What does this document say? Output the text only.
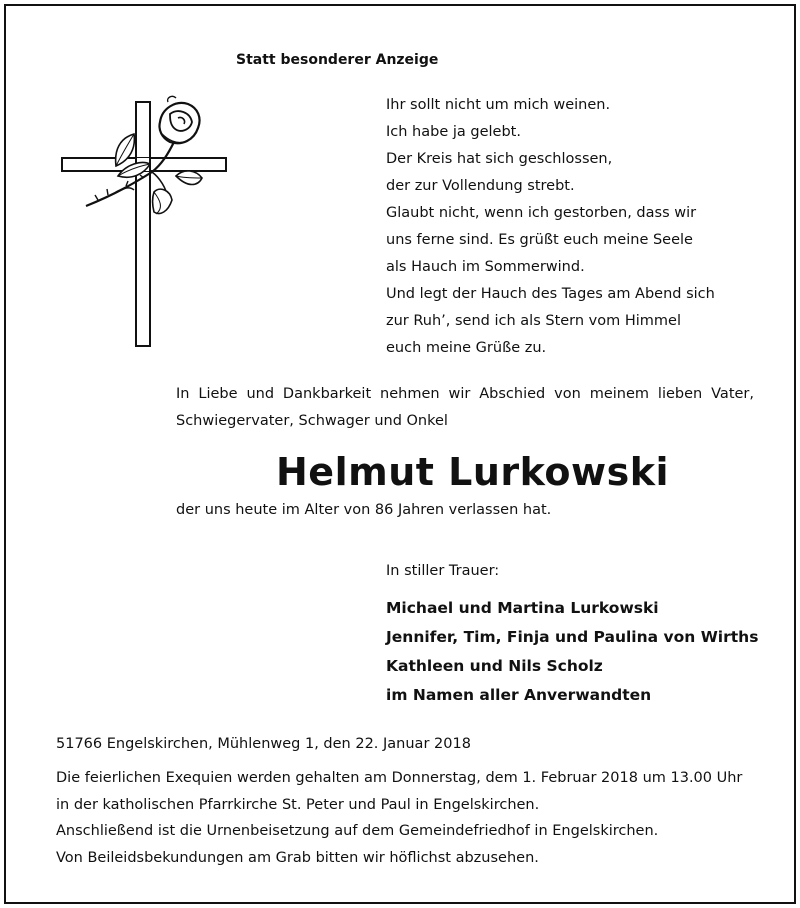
Statt besonderer Anzeige
Ihr sollt nicht um mich weinen.
Ich habe ja gelebt.
Der Kreis hat sich geschlossen,
der zur Vollendung strebt.
Glaubt nicht, wenn ich gestorben, dass wir
uns ferne sind. Es grüßt euch meine Seele
als Hauch im Sommerwind.
Und legt der Hauch des Tages am Abend sich
zur Ruh’, send ich als Stern vom Himmel
euch meine Grüße zu.
In Liebe und Dankbarkeit nehmen wir Abschied von meinem lieben Vater,
Schwiegervater, Schwager und Onkel
Helmut Lurkowski
der uns heute im Alter von 86 Jahren verlassen hat.
In stiller Trauer:
Michael und Martina Lurkowski
Jennifer, Tim, Finja und Paulina von Wirths
Kathleen und Nils Scholz
im Namen aller Anverwandten
51766 Engelskirchen, Mühlenweg 1, den 22. Januar 2018
Die feierlichen Exequien werden gehalten am Donnerstag, dem 1. Februar 2018 um 13.00 Uhr
in der katholischen Pfarrkirche St. Peter und Paul in Engelskirchen.
Anschließend ist die Urnenbeisetzung auf dem Gemeindefriedhof in Engelskirchen.
Von Beileidsbekundungen am Grab bitten wir höflichst abzusehen.
